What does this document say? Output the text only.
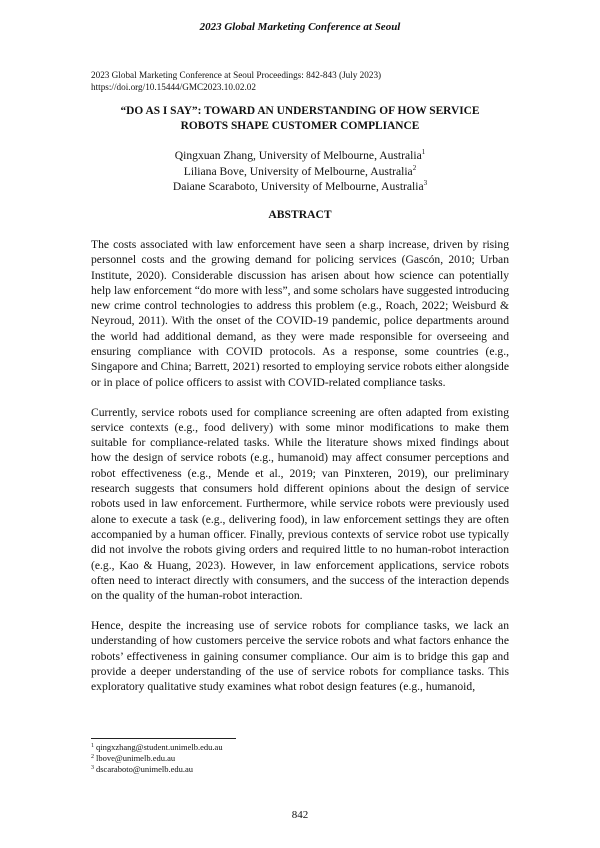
2023 Global Marketing Conference at Seoul
2023 Global Marketing Conference at Seoul Proceedings: 842-843 (July 2023)
https://doi.org/10.15444/GMC2023.10.02.02
“DO AS I SAY”: TOWARD AN UNDERSTANDING OF HOW SERVICE
ROBOTS SHAPE CUSTOMER COMPLIANCE
Qingxuan Zhang, University of Melbourne, Australia$^1$
Liliana Bove, University of Melbourne, Australia$^2$
Daiane Scaraboto, University of Melbourne, Australia$^3$
ABSTRACT

The costs associated with law enforcement have seen a sharp increase, driven by rising personnel costs and the growing demand for policing services (Gascón, 2010; Urban Institute, 2020). Considerable discussion has arisen about how science can potentially help law enforcement “do more with less”, and some scholars have suggested introducing new crime control technologies to address this problem (e.g., Roach, 2022; Weisburd & Neyroud, 2011). With the onset of the COVID-19 pandemic, police departments around the world had additional demand, as they were made responsible for overseeing and ensuring compliance with COVID protocols. As a response, some countries (e.g., Singapore and China; Barrett, 2021) resorted to employing service robots either alongside or in place of police officers to assist with COVID-related compliance tasks.

Currently, service robots used for compliance screening are often adapted from existing service contexts (e.g., food delivery) with some minor modifications to make them suitable for compliance-related tasks. While the literature shows mixed findings about how the design of service robots (e.g., humanoid) may affect consumer perceptions and robot effectiveness (e.g., Mende et al., 2019; van Pinxteren, 2019), our preliminary research suggests that consumers hold different opinions about the design of service robots used in law enforcement. Furthermore, while service robots were previously used alone to execute a task (e.g., delivering food), in law enforcement settings they are often accompanied by a human officer. Finally, previous contexts of service robot use typically did not involve the robots giving orders and required little to no human-robot interaction (e.g., Kao & Huang, 2023). However, in law enforcement applications, service robots often need to interact directly with consumers, and the success of the interaction depends on the quality of the human-robot interaction.

Hence, despite the increasing use of service robots for compliance tasks, we lack an understanding of how customers perceive the service robots and what factors enhance the robots’ effectiveness in gaining consumer compliance. Our aim is to bridge this gap and provide a deeper understanding of the use of service robots for compliance tasks. This exploratory qualitative study examines what robot design features (e.g., humanoid,

$^1$ qingxzhang@student.unimelb.edu.au
$^2$ lbove@unimelb.edu.au
$^3$ dscaraboto@unimelb.edu.au
842
